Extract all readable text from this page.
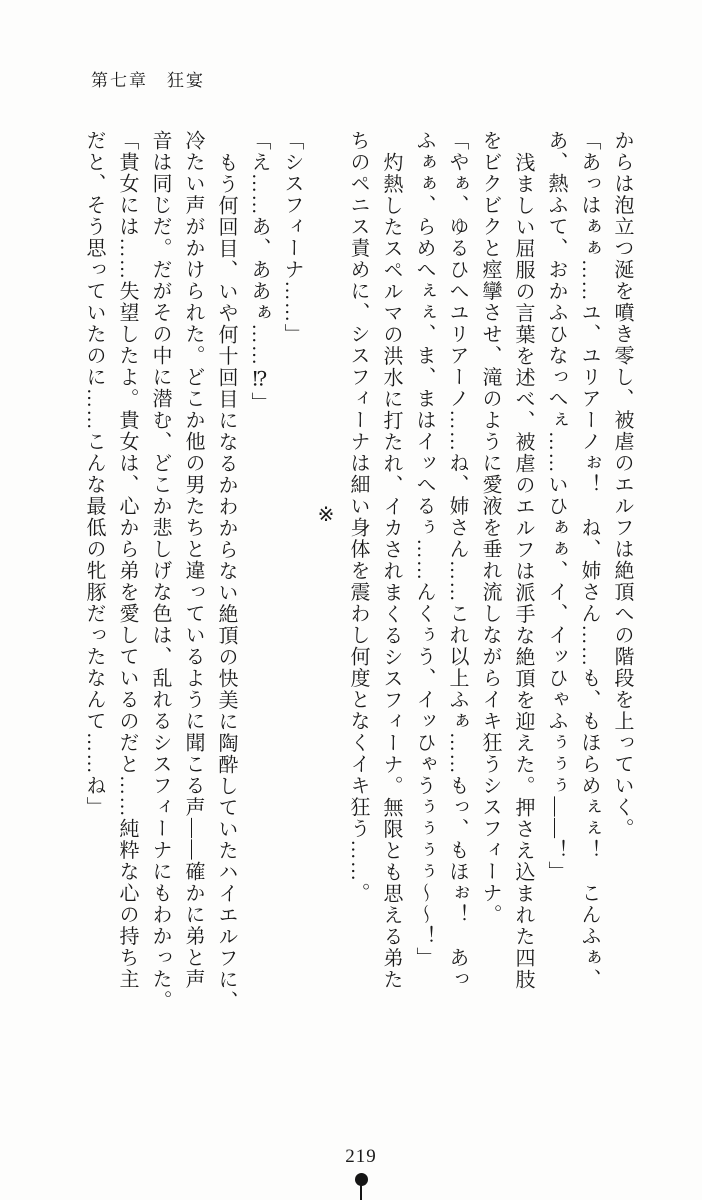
第七章　狂宴

からは泡立つ涎を噴き零し、被虐のエルフは絶頂への階段を上っていく。

「あっはぁぁ……ユ、ユリアーノぉ！　ね、姉さん……も、もほらめぇぇ！　こんふぁ、

あ、熱ふて、おかふひなっへぇ……いひぁぁ、イ、イッひゃふぅぅぅ——！」

浅ましい屈服の言葉を述べ、被虐のエルフは派手な絶頂を迎えた。押さえ込まれた四肢

をビクビクと痙攣させ、滝のように愛液を垂れ流しながらイキ狂うシスフィーナ。

「やぁ、ゆるひへユリアーノ……ね、姉さん……これ以上ふぁ……もっ、もほぉ！　あっ

ふぁぁ、らめへぇぇ、ま、まはイッへるぅ……んくぅう、イッひゃうぅぅぅぅ～～！」

灼熱したスペルマの洪水に打たれ、イカされまくるシスフィーナ。無限とも思える弟た

ちのペニス責めに、シスフィーナは細い身体を震わし何度となくイキ狂う……。

※

「シスフィーナ……」

「え……あ、ああぁ……⁉」

もう何回目、いや何十回目になるかわからない絶頂の快美に陶酔していたハイエルフに、

冷たい声がかけられた。どこか他の男たちと違っているように聞こる声——確かに弟と声

音は同じだ。だがその中に潜む、どこか悲しげな色は、乱れるシスフィーナにもわかった。

「貴女には……失望したよ。貴女は、心から弟を愛しているのだと……純粋な心の持ち主

だと、そう思っていたのに……こんな最低の牝豚だったなんて……ね」

219
